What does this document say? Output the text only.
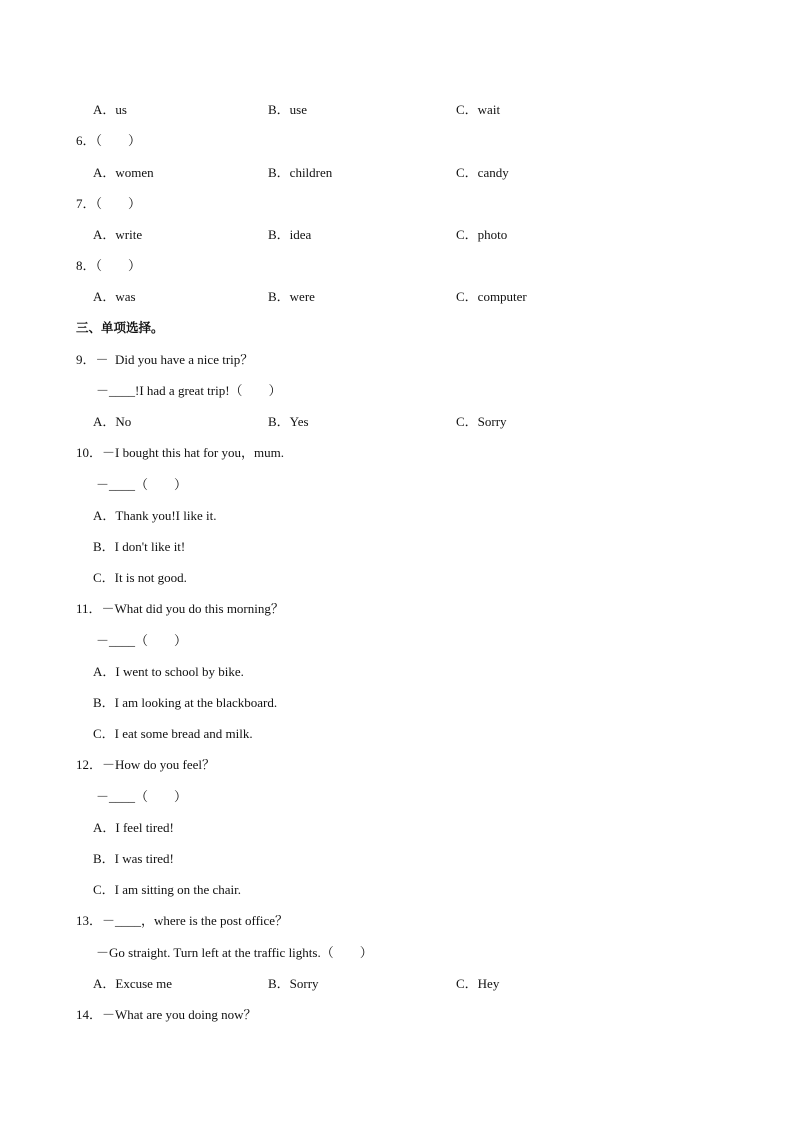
A．us	B．use	C．wait
6．（　　）
A．women	B．children	C．candy
7．（　　）
A．write	B．idea	C．photo
8．（　　）
A．was	B．were	C．computer
三、单项选择。
9．－  Did you have a nice trip？
－____!I had a great trip!（　　）
A．No	B．Yes	C．Sorry
10．－I bought this hat for you，mum.
－____（　　）
A．Thank you!I like it.
B．I don't like it!
C．It is not good.
11．－What did you do this morning？
－____（　　）
A．I went to school by bike.
B．I am looking at the blackboard.
C．I eat some bread and milk.
12．－How do you feel？
－____（　　）
A．I feel tired!
B．I was tired!
C．I am sitting on the chair.
13．－____，where is the post office？
－Go straight. Turn left at the traffic lights.（　　）
A．Excuse me	B．Sorry	C．Hey
14．－What are you doing now？
